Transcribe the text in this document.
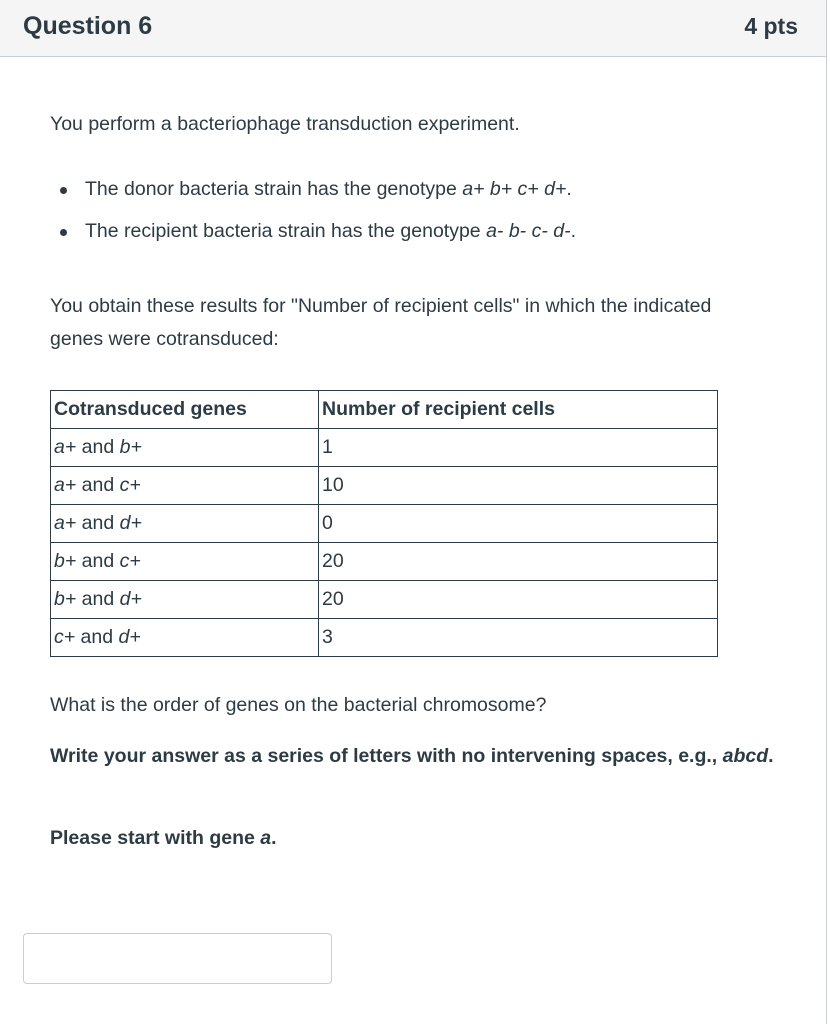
Question 6	4 pts
You perform a bacteriophage transduction experiment.
The donor bacteria strain has the genotype a+ b+ c+ d+.
The recipient bacteria strain has the genotype a- b- c- d-.
You obtain these results for "Number of recipient cells" in which the indicated genes were cotransduced:
Cotransduced genes	Number of recipient cells
a+ and b+	1
a+ and c+	10
a+ and d+	0
b+ and c+	20
b+ and d+	20
c+ and d+	3
What is the order of genes on the bacterial chromosome?
Write your answer as a series of letters with no intervening spaces, e.g., abcd.
Please start with gene a.
